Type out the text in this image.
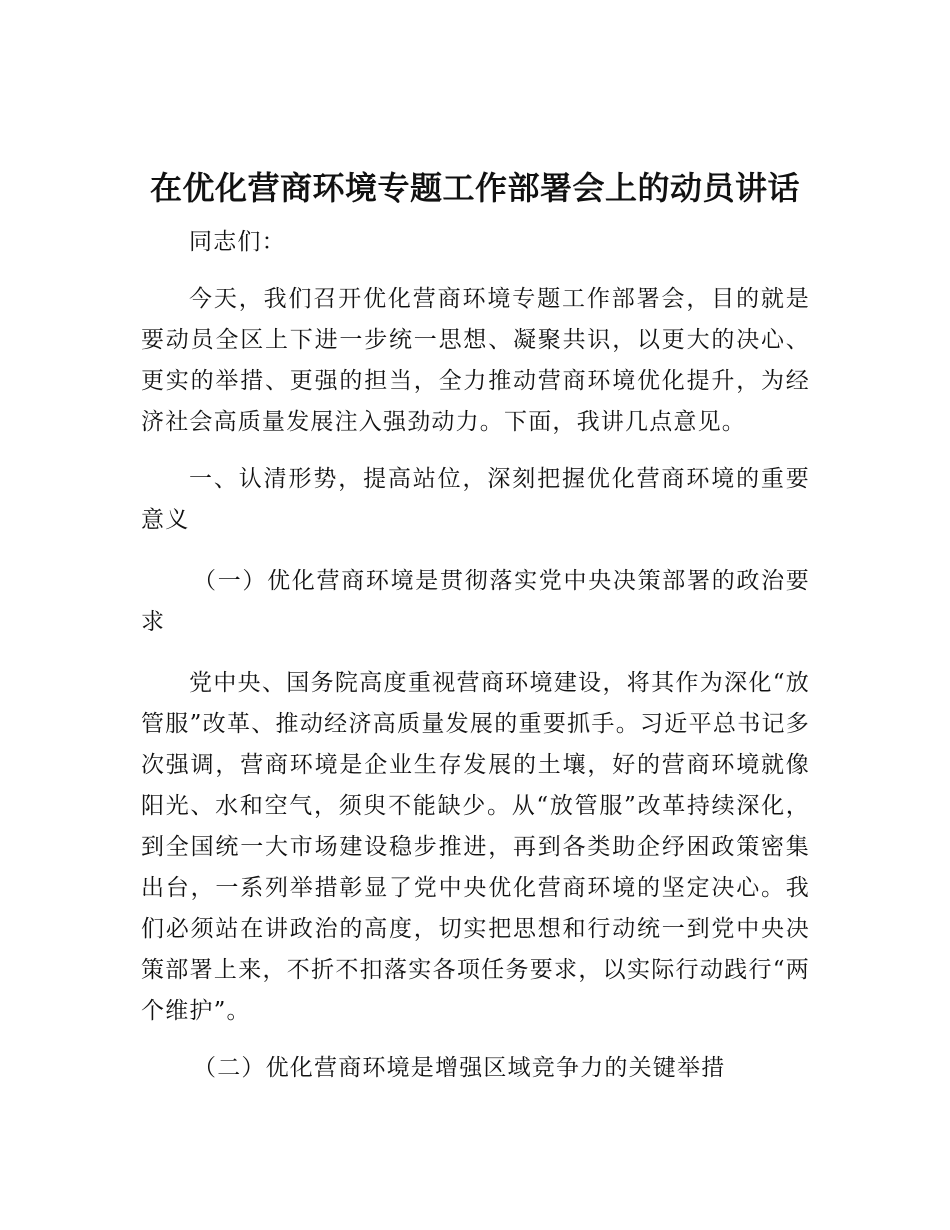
在优化营商环境专题工作部署会上的动员讲话

同志们：

今天，我们召开优化营商环境专题工作部署会，目的就是要动员全区上下进一步统一思想、凝聚共识，以更大的决心、更实的举措、更强的担当，全力推动营商环境优化提升，为经济社会高质量发展注入强劲动力。下面，我讲几点意见。

一、认清形势，提高站位，深刻把握优化营商环境的重要意义

（一）优化营商环境是贯彻落实党中央决策部署的政治要求

党中央、国务院高度重视营商环境建设，将其作为深化“放管服”改革、推动经济高质量发展的重要抓手。习近平总书记多次强调，营商环境是企业生存发展的土壤，好的营商环境就像阳光、水和空气，须臾不能缺少。从“放管服”改革持续深化，到全国统一大市场建设稳步推进，再到各类助企纾困政策密集出台，一系列举措彰显了党中央优化营商环境的坚定决心。我们必须站在讲政治的高度，切实把思想和行动统一到党中央决策部署上来，不折不扣落实各项任务要求，以实际行动践行“两个维护”。

（二）优化营商环境是增强区域竞争力的关键举措
